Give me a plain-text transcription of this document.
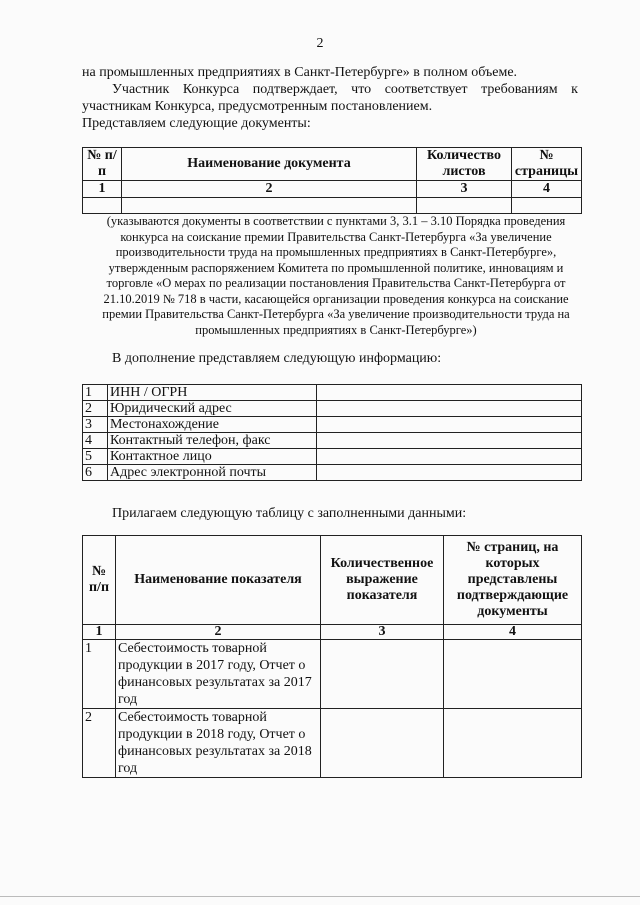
2
на промышленных предприятиях в Санкт-Петербурге» в полном объеме.
Участник Конкурса подтверждает, что соответствует требованиям к участникам Конкурса, предусмотренным постановлением.
Представляем следующие документы:
№ п/п	Наименование документа	Количество листов	№ страницы
1	2	3	4

(указываются документы в соответствии с пунктами 3, 3.1 – 3.10 Порядка проведения конкурса на соискание премии Правительства Санкт-Петербурга «За увеличение производительности труда на промышленных предприятиях в Санкт-Петербурге», утвержденным распоряжением Комитета по промышленной политике, инновациям и торговле «О мерах по реализации постановления Правительства Санкт-Петербурга от 21.10.2019 № 718 в части, касающейся организации проведения конкурса на соискание премии Правительства Санкт-Петербурга «За увеличение производительности труда на промышленных предприятиях в Санкт-Петербурге»)
В дополнение представляем следующую информацию:
1	ИНН / ОГРН	
2	Юридический адрес	
3	Местонахождение	
4	Контактный телефон, факс	
5	Контактное лицо	
6	Адрес электронной почты	
Прилагаем следующую таблицу с заполненными данными:
№ п/п	Наименование показателя	Количественное выражение показателя	№ страниц, на которых представлены подтверждающие документы
1	2	3	4
1	Себестоимость товарной продукции в 2017 году, Отчет о финансовых результатах за 2017 год		
2	Себестоимость товарной продукции в 2018 году, Отчет о финансовых результатах за 2018 год		
